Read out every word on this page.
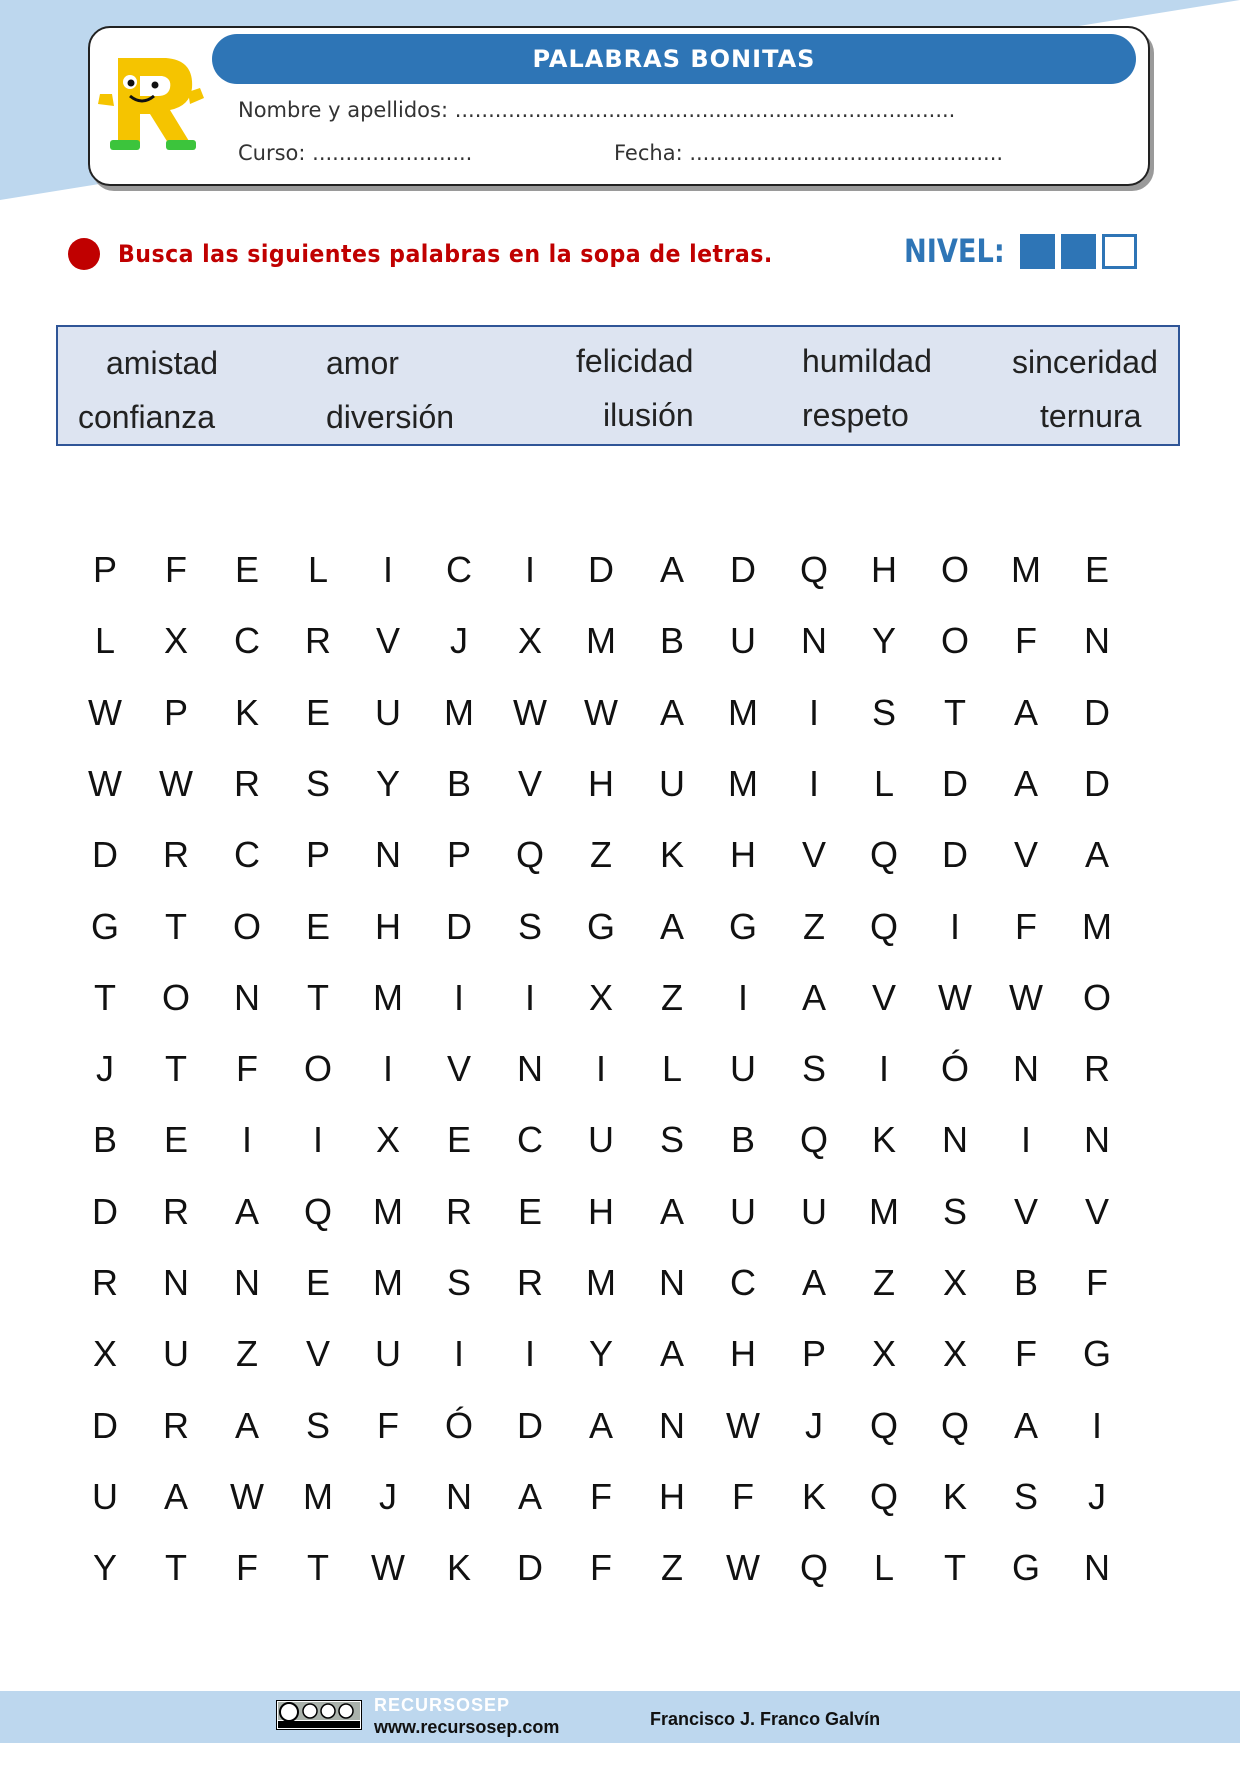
PALABRAS BONITAS
Nombre y apellidos: ...........................................................................
Curso: ........................	Fecha: ...............................................
Busca las siguientes palabras en la sopa de letras.	NIVEL:
amistad	amor	felicidad	humildad	sinceridad
confianza	diversión	ilusión	respeto	ternura
P	F	E	L	I	C	I	D	A	D	Q	H	O	M	E
L	X	C	R	V	J	X	M	B	U	N	Y	O	F	N
W	P	K	E	U	M	W	W	A	M	I	S	T	A	D
W	W	R	S	Y	B	V	H	U	M	I	L	D	A	D
D	R	C	P	N	P	Q	Z	K	H	V	Q	D	V	A
G	T	O	E	H	D	S	G	A	G	Z	Q	I	F	M
T	O	N	T	M	I	I	X	Z	I	A	V	W	W	O
J	T	F	O	I	V	N	I	L	U	S	I	Ó	N	R
B	E	I	I	X	E	C	U	S	B	Q	K	N	I	N
D	R	A	Q	M	R	E	H	A	U	U	M	S	V	V
R	N	N	E	M	S	R	M	N	C	A	Z	X	B	F
X	U	Z	V	U	I	I	Y	A	H	P	X	X	F	G
D	R	A	S	F	Ó	D	A	N	W	J	Q	Q	A	I
U	A	W	M	J	N	A	F	H	F	K	Q	K	S	J
Y	T	F	T	W	K	D	F	Z	W	Q	L	T	G	N
RECURSOSEP
www.recursosep.com	Francisco J. Franco Galvín
